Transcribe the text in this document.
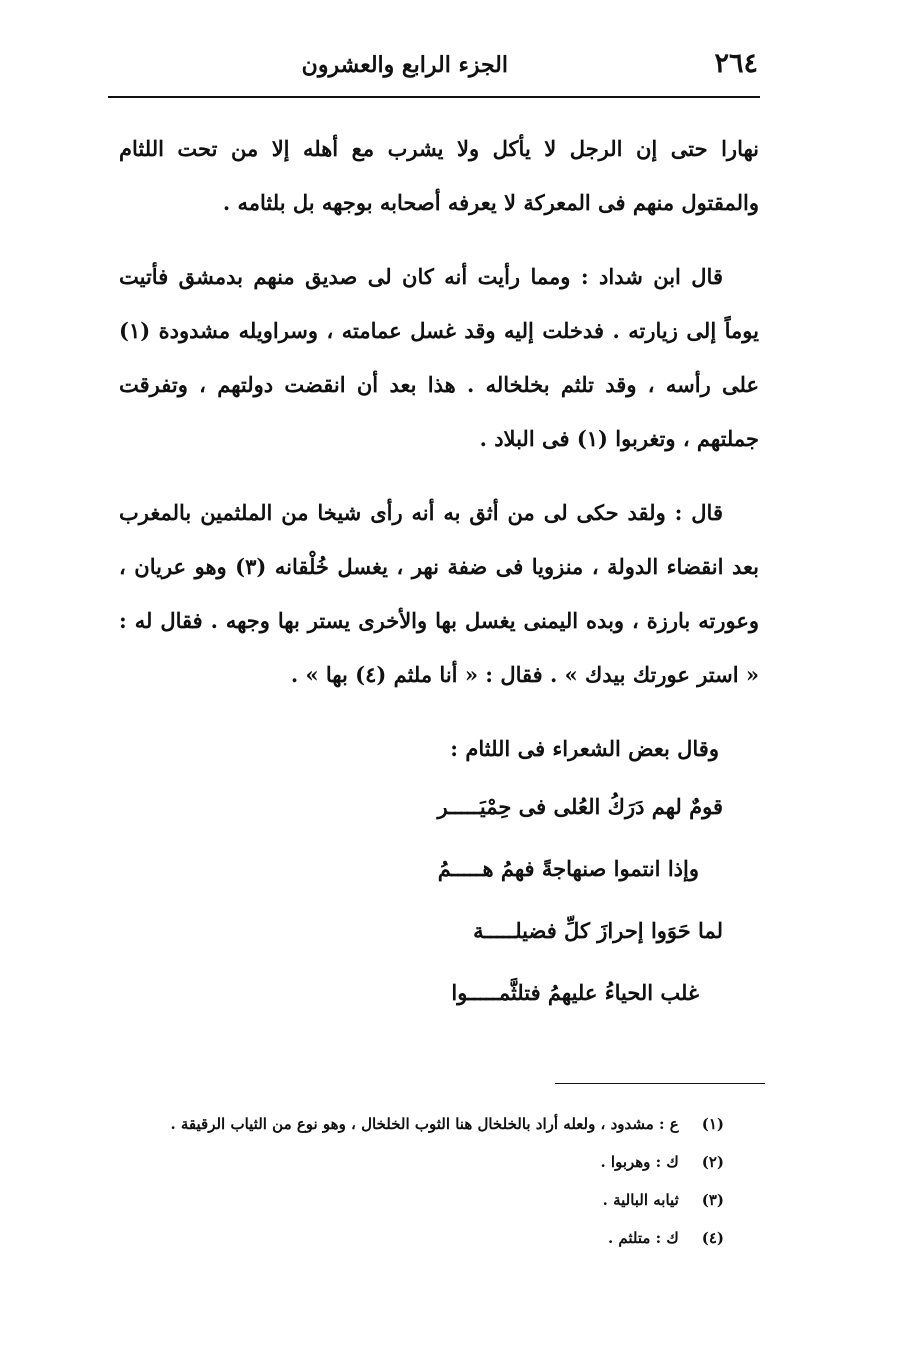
٢٦٤
الجزء الرابع والعشرون

نهارا حتى إن الرجل لا يأكل ولا يشرب مع أهله إلا من تحت اللثام والمقتول منهم فى المعركة لا يعرفه أصحابه بوجهه بل بلثامه .

قال ابن شداد : ومما رأيت أنه كان لى صديق منهم بدمشق فأتيت يوماً إلى زيارته . فدخلت إليه وقد غسل عمامته ، وسراويله مشدودة (١) على رأسه ، وقد تلثم بخلخاله . هذا بعد أن انقضت دولتهم ، وتفرقت جملتهم ، وتغربوا (١) فى البلاد .

قال : ولقد حكى لى من أثق به أنه رأى شيخا من الملثمين بالمغرب بعد انقضاء الدولة ، منزويا فى ضفة نهر ، يغسل خُلْقانه (٣) وهو عريان ، وعورته بارزة ، وبده اليمنى يغسل بها والأخرى يستر بها وجهه . فقال له : « استر عورتك بيدك » . فقال : « أنا ملثم (٤) بها » .

وقال بعض الشعراء فى اللثام :

قومٌ لهم دَرَكُ العُلى فى حِمْيَـــــر

وإذا انتموا صنهاجةً فهمُ هـــــمُ

لما حَوَوا إحرازَ كلِّ فضيلـــــة

غلب الحياءُ عليهمُ فتلثَّمـــــوا

(١) ع : مشدود ، ولعله أراد بالخلخال هنا الثوب الخلخال ، وهو نوع من الثياب الرقيقة .

(٢) ك : وهربوا .

(٣) ثيابه البالية .

(٤) ك : متلثم .
